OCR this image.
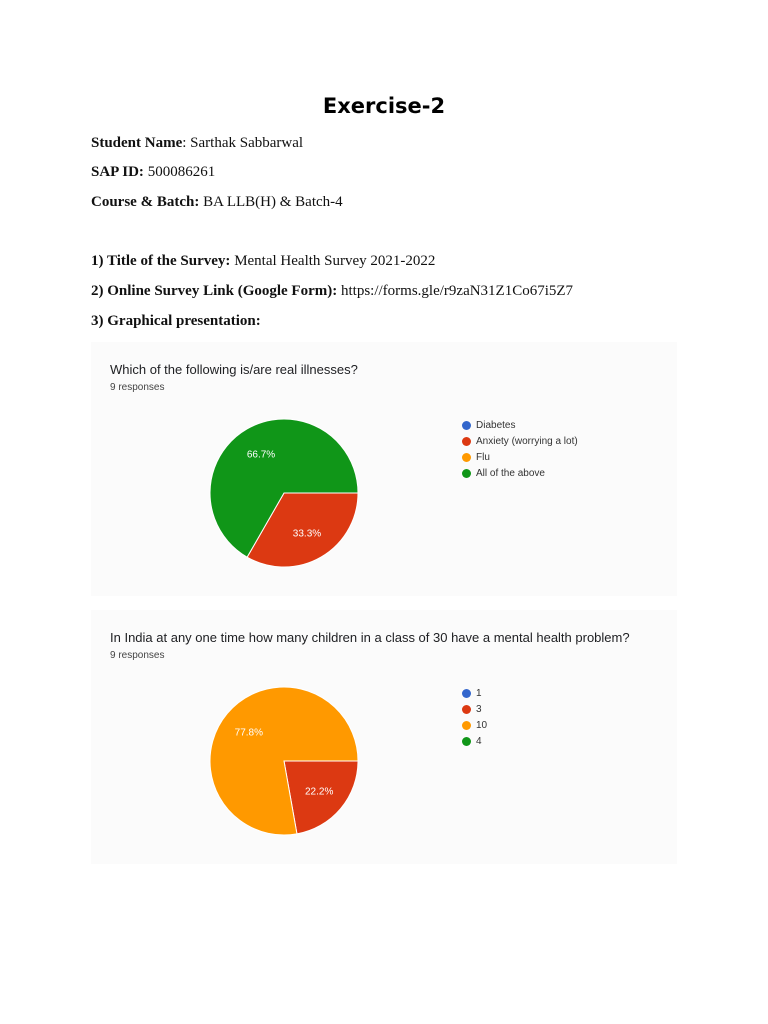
Exercise-2
Student Name: Sarthak Sabbarwal
SAP ID: 500086261
Course & Batch: BA LLB(H) & Batch-4
1) Title of the Survey: Mental Health Survey 2021-2022
2) Online Survey Link (Google Form): https://forms.gle/r9zaN31Z1Co67i5Z7
3) Graphical presentation:
Which of the following is/are real illnesses?
9 responses
33.3%
66.7%
Diabetes
Anxiety (worrying a lot)
Flu
All of the above
In India at any one time how many children in a class of 30 have a mental health problem?
9 responses
22.2%
77.8%
1
3
10
4
